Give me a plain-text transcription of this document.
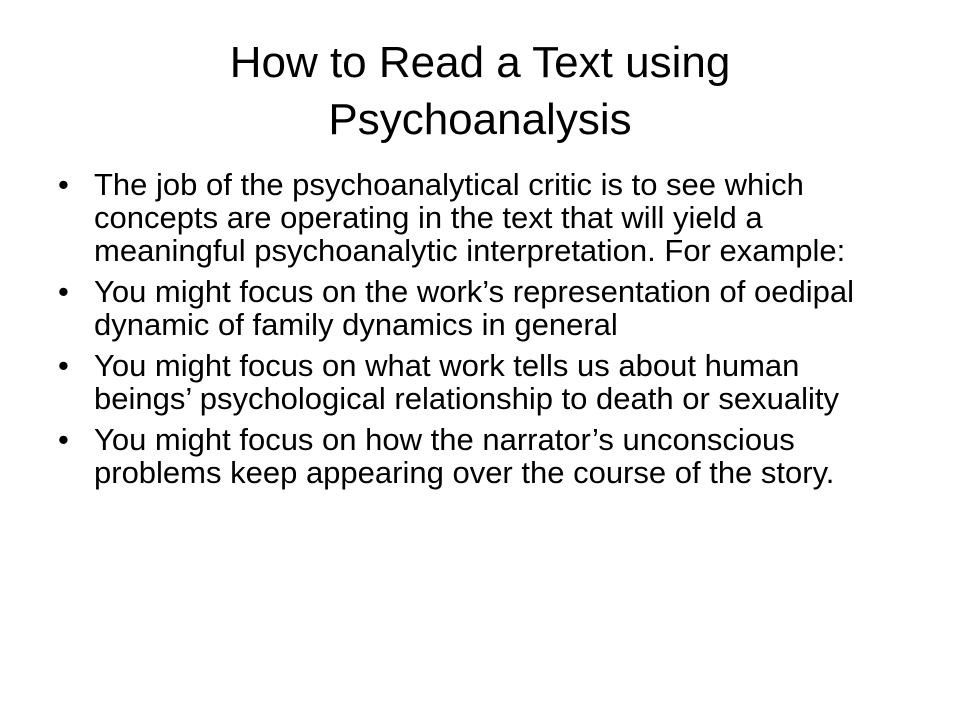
How to Read a Text using Psychoanalysis
• The job of the psychoanalytical critic is to see which concepts are operating in the text that will yield a meaningful psychoanalytic interpretation. For example:
• You might focus on the work’s representation of oedipal dynamic of family dynamics in general
• You might focus on what work tells us about human beings’ psychological relationship to death or sexuality
• You might focus on how the narrator’s unconscious problems keep appearing over the course of the story.
